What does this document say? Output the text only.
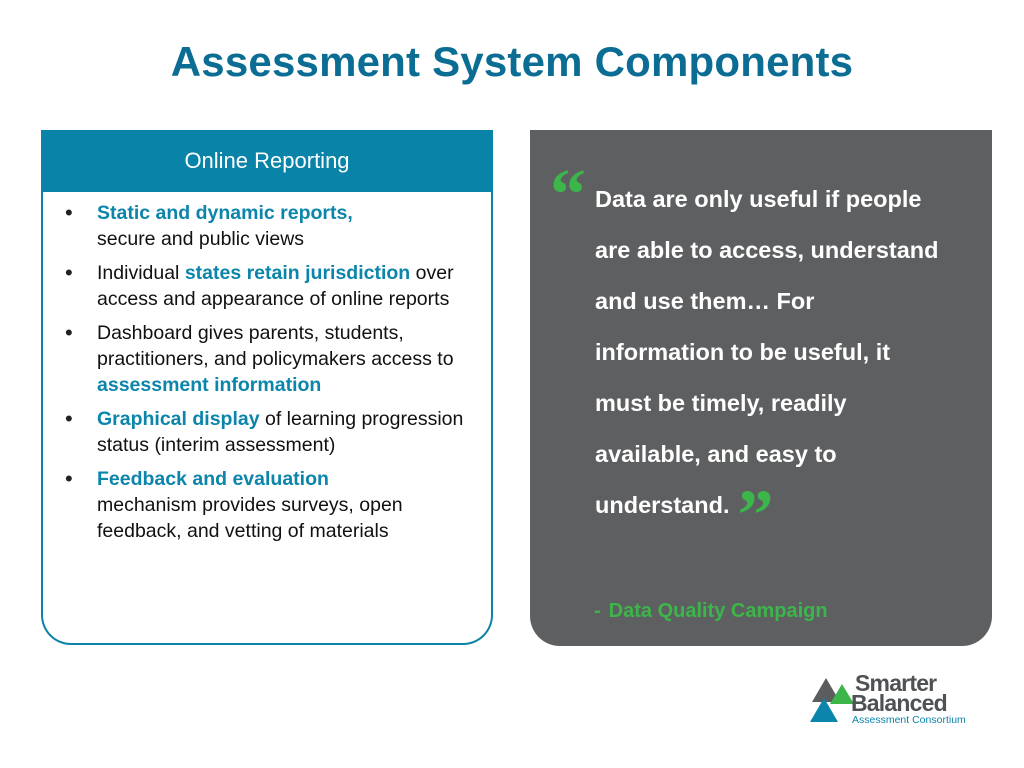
Assessment System Components
Online Reporting
• Static and dynamic reports,
secure and public views
• Individual states retain jurisdiction over access and appearance of online reports
• Dashboard gives parents, students, practitioners, and policymakers access to assessment information
• Graphical display of learning progression status (interim assessment)
• Feedback and evaluation
mechanism provides surveys, open feedback, and vetting of materials
“ Data are only useful if people are able to access, understand and use them… For information to be useful, it must be timely, readily available, and easy to understand. ”
- Data Quality Campaign
Smarter
Balanced
Assessment Consortium
